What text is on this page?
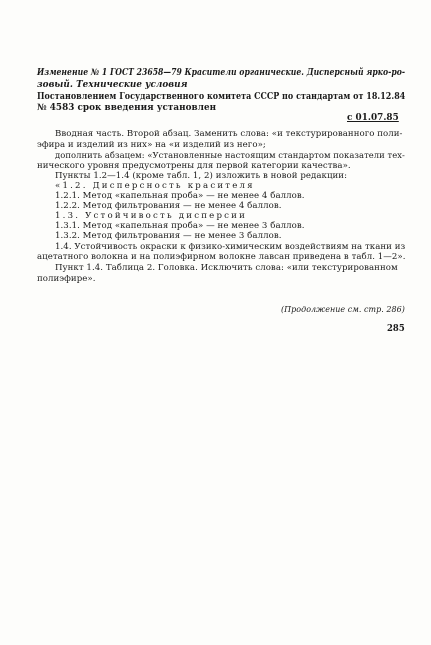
Изменение № 1 ГОСТ 23658—79 Красители органические. Дисперсный ярко-ро-
зовый. Технические условия
Постановлением Государственного комитета СССР по стандартам от 18.12.84
№ 4583 срок введения установлен
с 01.07.85
Вводная часть. Второй абзац. Заменить слова: «и текстурированного поли-
эфира и изделий из них» на «и изделий из него»;
дополнить абзацем: «Установленные настоящим стандартом показатели тех-
нического уровня предусмотрены для первой категории качества».
Пункты 1.2—1.4 (кроме табл. 1, 2) изложить в новой редакции:
«1.2. Дисперсность красителя
1.2.1. Метод «капельная проба» — не менее 4 баллов.
1.2.2. Метод фильтрования — не менее 4 баллов.
1.3. Устойчивость дисперсии
1.3.1. Метод «капельная проба» — не менее 3 баллов.
1.3.2. Метод фильтрования — не менее 3 баллов.
1.4. Устойчивость окраски к физико-химическим воздействиям на ткани из
ацетатного волокна и на полиэфирном волокне лавсан приведена в табл. 1—2».
Пункт 1.4. Таблица 2. Головка. Исключить слова: «или текстурированном
полиэфире».
(Продолжение см. стр. 286)
285
